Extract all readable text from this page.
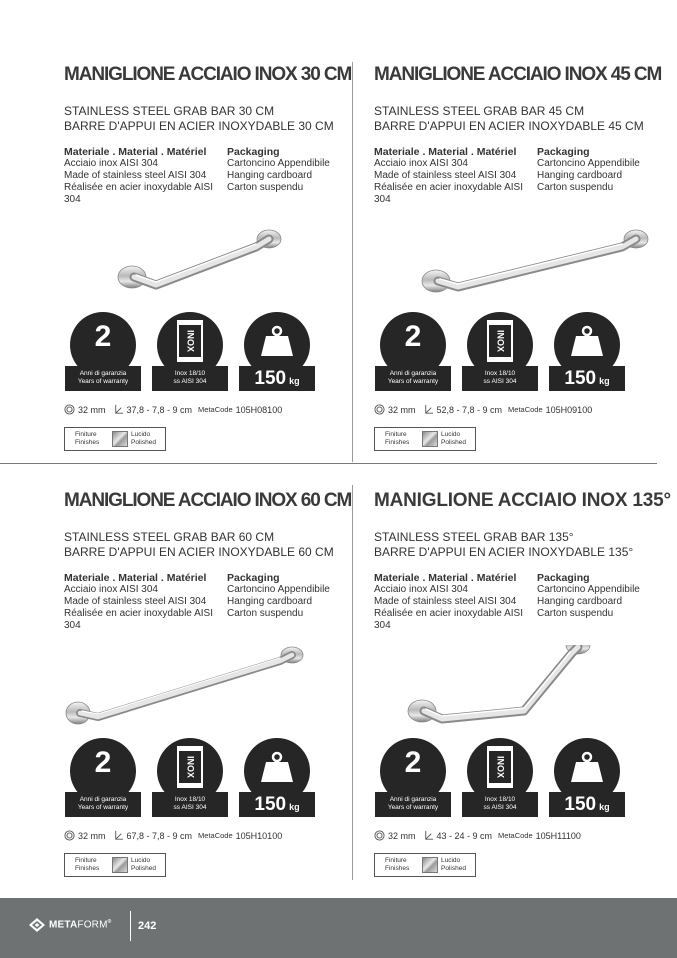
MANIGLIONE ACCIAIO INOX 30 CM
STAINLESS STEEL GRAB BAR 30 CM
BARRE D'APPUI EN ACIER INOXYDABLE 30 CM
Materiale . Material . Matériel
Acciaio inox AISI 304
Made of stainless steel AISI 304
Réalisée en acier inoxydable AISI 304
Packaging
Cartoncino Appendibile
Hanging cardboard
Carton suspendu
2
Anni di garanzia
Years of warranty
INOX
Inox 18/10
ss AISI 304	150 kg
32 mm 37,8 - 7,8 - 9 cm MetaCode 105H08100
Finiture
Finishes
Lucido
Polished
MANIGLIONE ACCIAIO INOX 45 CM
STAINLESS STEEL GRAB BAR 45 CM
BARRE D'APPUI EN ACIER INOXYDABLE 45 CM
Materiale . Material . Matériel
Acciaio inox AISI 304
Made of stainless steel AISI 304
Réalisée en acier inoxydable AISI 304
Packaging
Cartoncino Appendibile
Hanging cardboard
Carton suspendu
2
Anni di garanzia
Years of warranty
INOX
Inox 18/10
ss AISI 304	150 kg
32 mm 52,8 - 7,8 - 9 cm MetaCode 105H09100
Finiture
Finishes
Lucido
Polished
MANIGLIONE ACCIAIO INOX 60 CM
STAINLESS STEEL GRAB BAR 60 CM
BARRE D'APPUI EN ACIER INOXYDABLE 60 CM
Materiale . Material . Matériel
Acciaio inox AISI 304
Made of stainless steel AISI 304
Réalisée en acier inoxydable AISI 304
Packaging
Cartoncino Appendibile
Hanging cardboard
Carton suspendu
2
Anni di garanzia
Years of warranty
INOX
Inox 18/10
ss AISI 304	150 kg
32 mm 67,8 - 7,8 - 9 cm MetaCode 105H10100
Finiture
Finishes
Lucido
Polished
MANIGLIONE ACCIAIO INOX 135°
STAINLESS STEEL GRAB BAR 135°
BARRE D'APPUI EN ACIER INOXYDABLE 135°
Materiale . Material . Matériel
Acciaio inox AISI 304
Made of stainless steel AISI 304
Réalisée en acier inoxydable AISI 304
Packaging
Cartoncino Appendibile
Hanging cardboard
Carton suspendu
2
Anni di garanzia
Years of warranty
INOX
Inox 18/10
ss AISI 304	150 kg
32 mm 43 - 24 - 9 cm MetaCode 105H11100
Finiture
Finishes
Lucido
Polished
METAFORM® 242
